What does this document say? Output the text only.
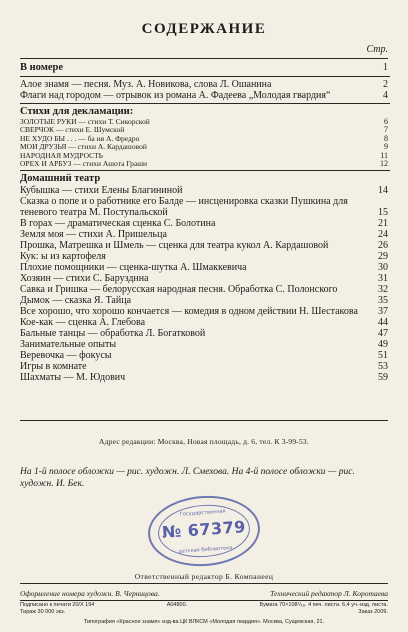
СОДЕРЖАНИЕ
Стр.
В номере	1
Алое знамя — песня. Муз. А. Новикова, слова Л. Ошанина	2
Флаги над городом — отрывок из романа А. Фадеева „Молодая гвардия“	4
Стихи для декламации:
ЗОЛОТЫЕ РУКИ — стихи Т. Сикорской	6
СВЕРЧОК — стихи Е. Шумской	7
НЕ ХУДО БЫ . . . — ба ня А. Фредро	8
МОИ ДРУЗЬЯ — стихи А. Кардашовой	9
НАРОДНАЯ МУДРОСТЬ	11
ОРЕХ И АРБУЗ — стихи Ашота Граши	12
Домашний театр
Кубышка — стихи Елены Благининой	14
Сказка о попе и о работнике его Балде — инсценировка сказки Пушкина для теневого театра М. Поступальской	15
В горах — драматическая сценка С. Болотина	21
Земля моя — стихи А. Пришельца	24
Прошка, Матрешка и Шмель — сценка для театра кукол А. Кардашовой	26
Кук: ы из картофеля	29
Плохие помощники — сценка-шутка А. Шмаккевича	30
Хозяин — стихи С. Барузднна	31
Савка и Гришка — белорусская народная песня. Обработка С. Полонского	32
Дымок — сказка Я. Тайца	35
Все хорошо, что хорошо кончается — комедия в одном действии Н. Шестакова 37
Кое-как — сценка А. Глебова	44
Бальные танцы — обработка Л. Богатковой	47
Занимательные опыты	49
Веревочка — фокусы	51
Игры в комнате	53
Шахматы — М. Юдович	59
Адрес редакции: Москва, Новая площадь, д. 6, тел. К 3-99-53.
На 1-й полосе обложки — рис. художн. Л. Смехова. На 4-й полосе обложки — рис. художн. И. Бек.
Государственная
№ 67379
детская библиотека
Ответственный редактор Б. Компанеец
Оформление номера художн. В. Черницова.	Технический редактор Л. Коротаева
Подписано к печати 20/X 194	А04800.	Бумага 70×108¹/₁₆. 4 печ. листа. 6,4 уч.-изд. листа.
Тираж 30 000 экз.	Заказ 2009.
Типография «Красное знамя» изд-ва ЦК ВЛКСМ «Молодая гвардия». Москва, Сущевская, 21.
